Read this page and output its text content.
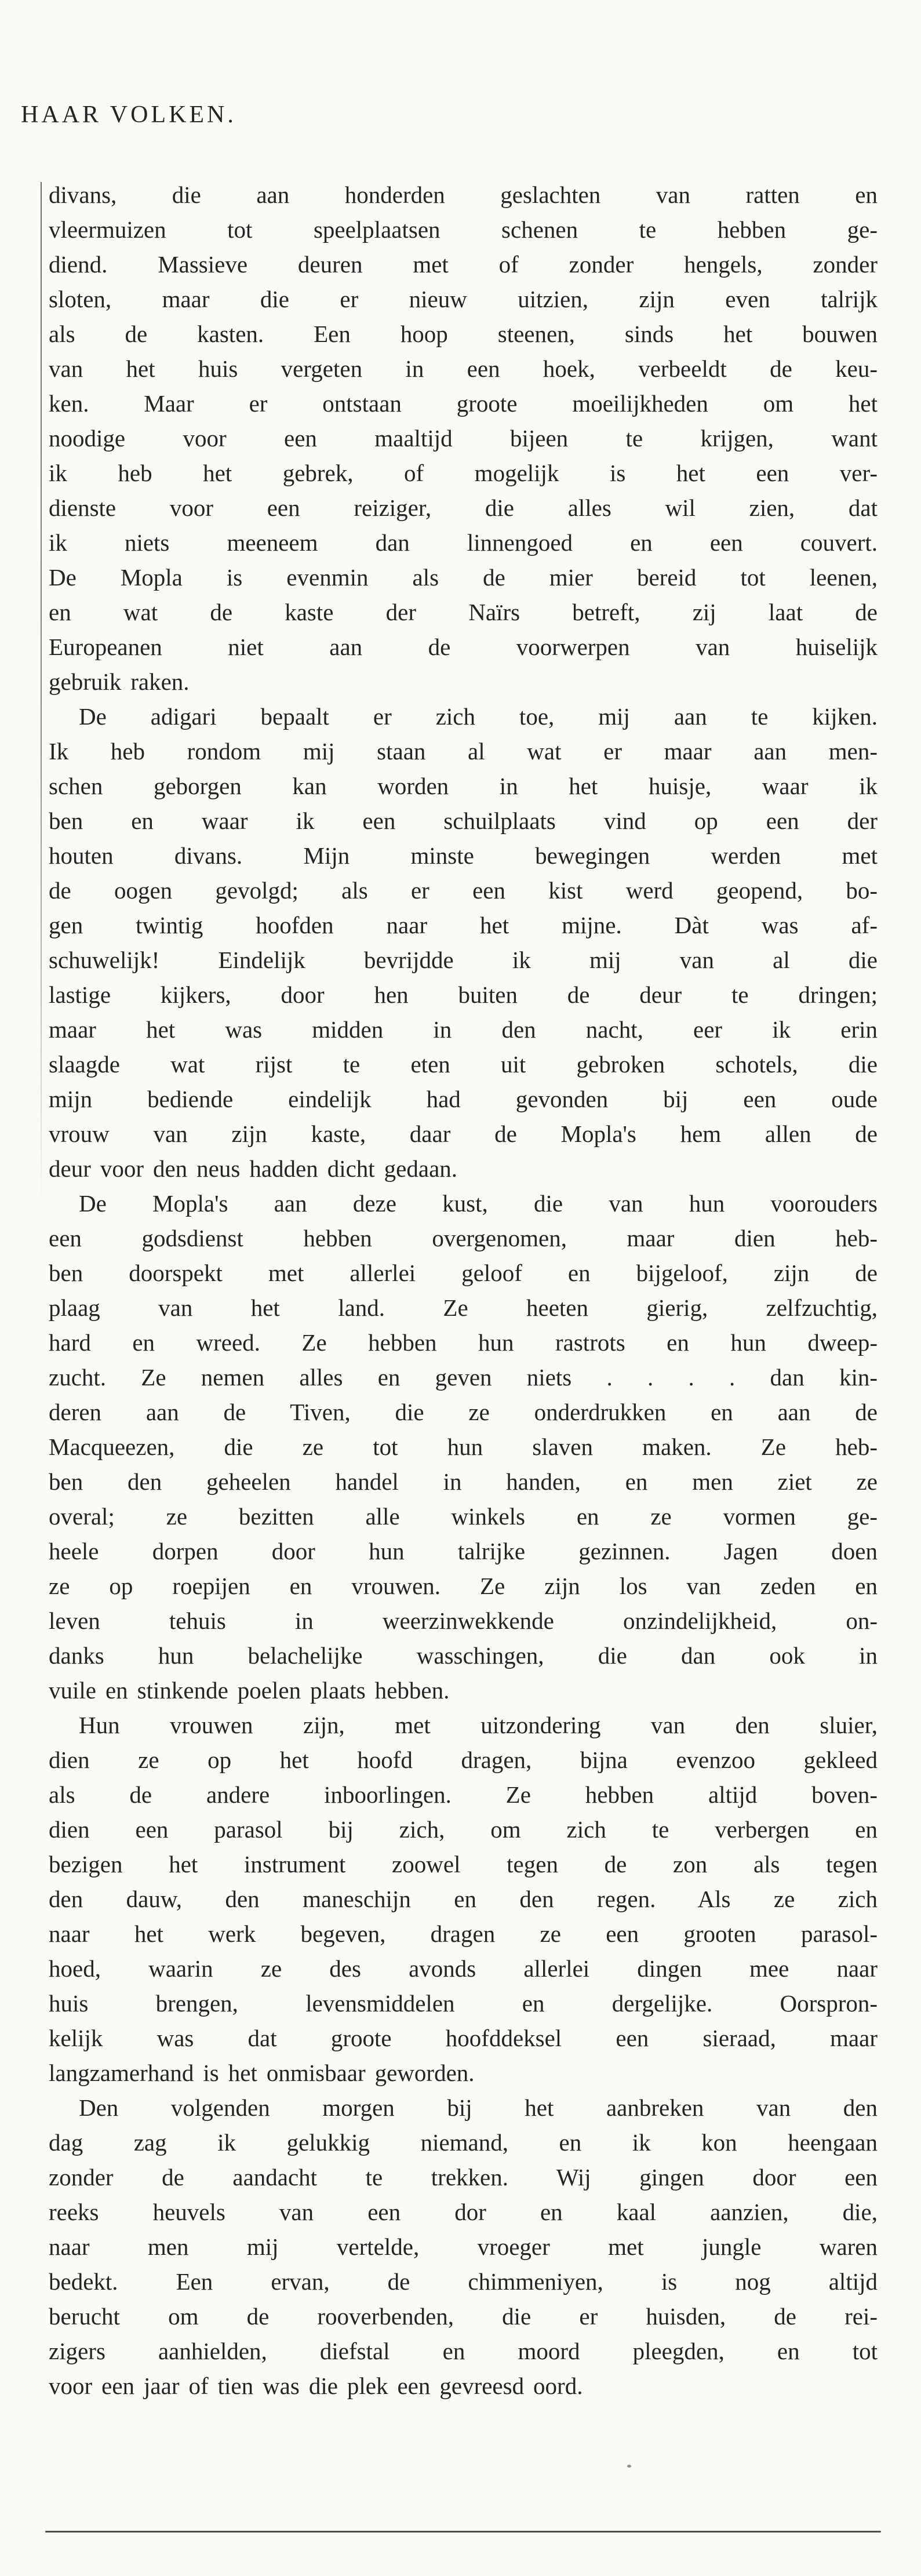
HAAR VOLKEN.
divans, die aan honderden geslachten van ratten en
vleermuizen tot speelplaatsen schenen te hebben ge-
diend. Massieve deuren met of zonder hengels, zonder
sloten, maar die er nieuw uitzien, zijn even talrijk
als de kasten. Een hoop steenen, sinds het bouwen
van het huis vergeten in een hoek, verbeeldt de keu-
ken. Maar er ontstaan groote moeilijkheden om het
noodige voor een maaltijd bijeen te krijgen, want
ik heb het gebrek, of mogelijk is het een ver-
dienste voor een reiziger, die alles wil zien, dat
ik niets meeneem dan linnengoed en een couvert.
De Mopla is evenmin als de mier bereid tot leenen,
en wat de kaste der Naïrs betreft, zij laat de
Europeanen niet aan de voorwerpen van huiselijk
gebruik raken.
De adigari bepaalt er zich toe, mij aan te kijken.
Ik heb rondom mij staan al wat er maar aan men-
schen geborgen kan worden in het huisje, waar ik
ben en waar ik een schuilplaats vind op een der
houten divans. Mijn minste bewegingen werden met
de oogen gevolgd; als er een kist werd geopend, bo-
gen twintig hoofden naar het mijne. Dàt was af-
schuwelijk! Eindelijk bevrijdde ik mij van al die
lastige kijkers, door hen buiten de deur te dringen;
maar het was midden in den nacht, eer ik erin
slaagde wat rijst te eten uit gebroken schotels, die
mijn bediende eindelijk had gevonden bij een oude
vrouw van zijn kaste, daar de Mopla's hem allen de
deur voor den neus hadden dicht gedaan.
De Mopla's aan deze kust, die van hun voorouders
een godsdienst hebben overgenomen, maar dien heb-
ben doorspekt met allerlei geloof en bijgeloof, zijn de
plaag van het land. Ze heeten gierig, zelfzuchtig,
hard en wreed. Ze hebben hun rastrots en hun dweep-
zucht. Ze nemen alles en geven niets . . . . dan kin-
deren aan de Tiven, die ze onderdrukken en aan de
Macqueezen, die ze tot hun slaven maken. Ze heb-
ben den geheelen handel in handen, en men ziet ze
overal; ze bezitten alle winkels en ze vormen ge-
heele dorpen door hun talrijke gezinnen. Jagen doen
ze op roepijen en vrouwen. Ze zijn los van zeden en
leven tehuis in weerzinwekkende onzindelijkheid, on-
danks hun belachelijke wasschingen, die dan ook in
vuile en stinkende poelen plaats hebben.
Hun vrouwen zijn, met uitzondering van den sluier,
dien ze op het hoofd dragen, bijna evenzoo gekleed
als de andere inboorlingen. Ze hebben altijd boven-
dien een parasol bij zich, om zich te verbergen en
bezigen het instrument zoowel tegen de zon als tegen
den dauw, den maneschijn en den regen. Als ze zich
naar het werk begeven, dragen ze een grooten parasol-
hoed, waarin ze des avonds allerlei dingen mee naar
huis brengen, levensmiddelen en dergelijke. Oorspron-
kelijk was dat groote hoofddeksel een sieraad, maar
langzamerhand is het onmisbaar geworden.
Den volgenden morgen bij het aanbreken van den
dag zag ik gelukkig niemand, en ik kon heengaan
zonder de aandacht te trekken. Wij gingen door een
reeks heuvels van een dor en kaal aanzien, die,
naar men mij vertelde, vroeger met jungle waren
bedekt. Een ervan, de chimmeniyen, is nog altijd
berucht om de rooverbenden, die er huisden, de rei-
zigers aanhielden, diefstal en moord pleegden, en tot
voor een jaar of tien was die plek een gevreesd oord.
